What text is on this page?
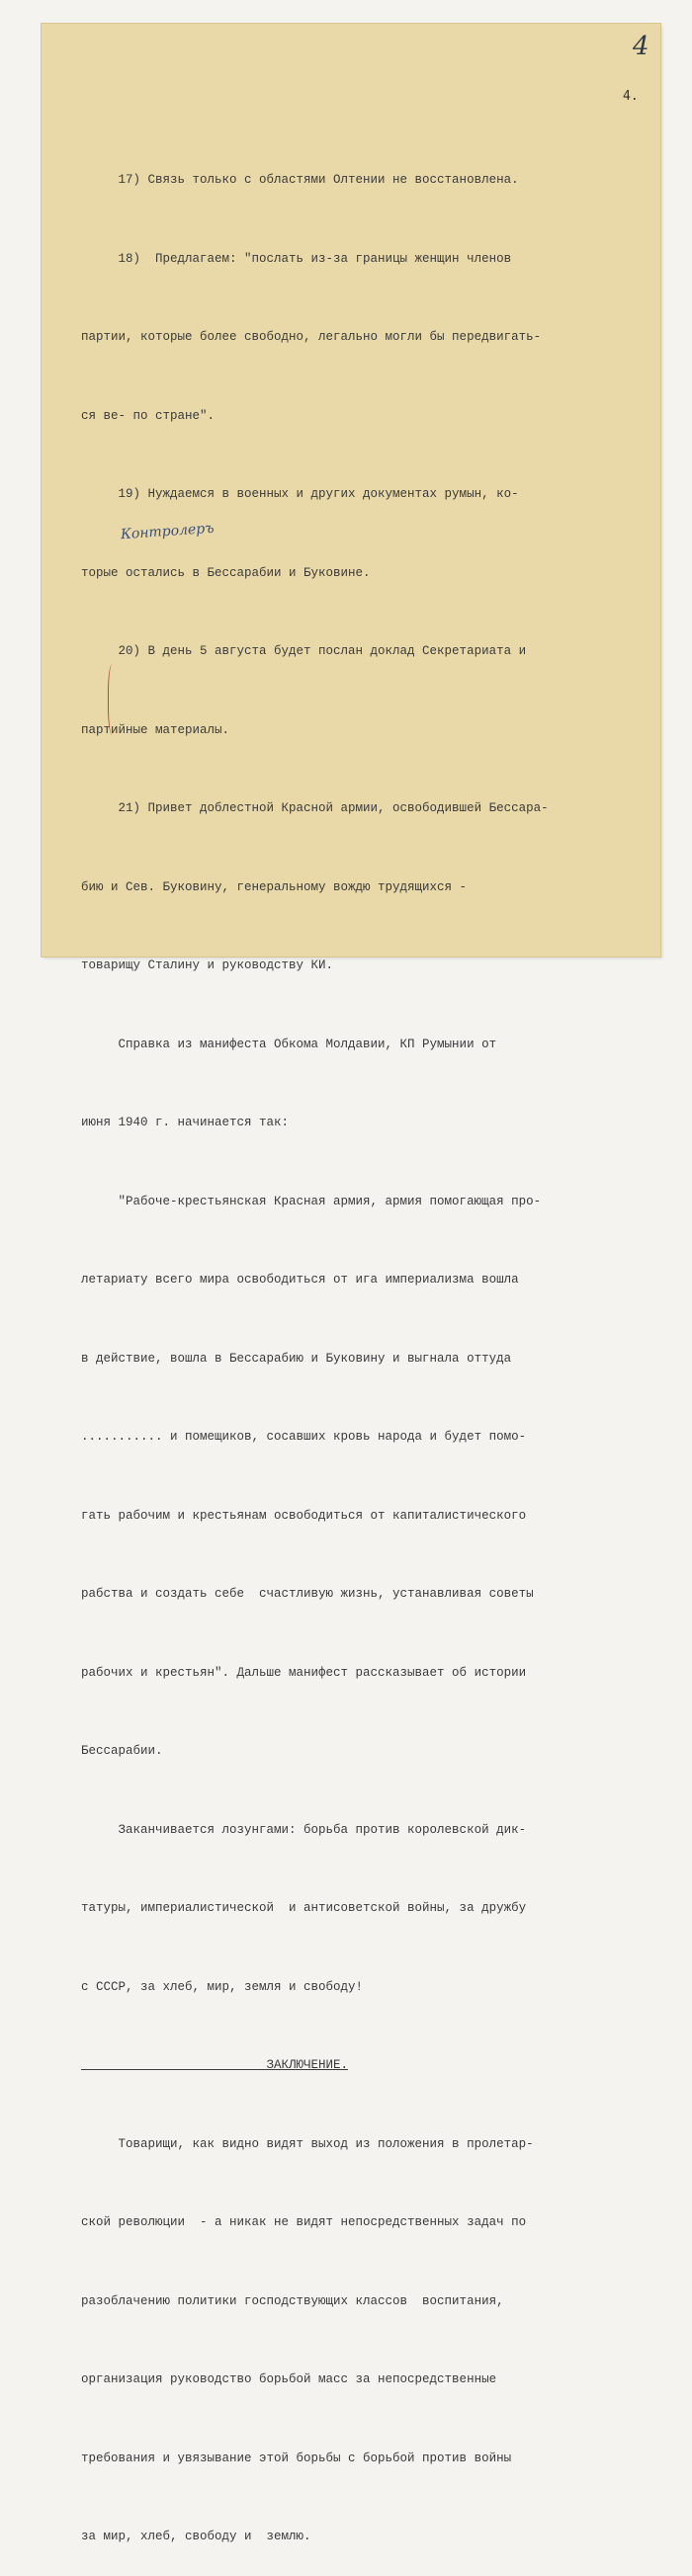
4
4.

17) Связь только с областями Олтении не восстановлена.

18)  Предлагаем: "послать из-за границы женщин членов

партии, которые более свободно, легально могли бы передвигать-

ся ве- по стране".

19) Нуждаемся в военных и других документах румын, ко-

торые остались в Бессарабии и Буковине.

20) В день 5 августа будет послан доклад Секретариата и

партийные материалы.

21) Привет доблестной Красной армии, освободившей Бессара-

бию и Сев. Буковину, генеральному вождю трудящихся -

товарищу Сталину и руководству КИ.

Справка из манифеста Обкома Молдавии, КП Румынии от

июня 1940 г. начинается так:

"Рабоче-крестьянская Красная армия, армия помогающая про-

летариату всего мира освободиться от ига империализма вошла

в действие, вошла в Бессарабию и Буковину и выгнала оттуда

........... и помещиков, сосавших кровь народа и будет помо-

гать рабочим и крестьянам освободиться от капиталистического

рабства и создать себе  счастливую жизнь, устанавливая советы

рабочих и крестьян". Дальше манифест рассказывает об истории

Бессарабии.

Заканчивается лозунгами: борьба против королевской дик-

татуры, империалистической  и антисоветской войны, за дружбу

с СССР, за хлеб, мир, земля и свободу!

ЗАКЛЮЧЕНИЕ.

Товарищи, как видно видят выход из положения в пролетар-

ской революции  - а никак не видят непосредственных задач по

разоблачению политики господствующих классов  воспитания,

организация руководство борьбой масс за непосредственные

требования и увязывание этой борьбы с борьбой против войны

за мир, хлеб, свободу и  землю.

Контролеръ
